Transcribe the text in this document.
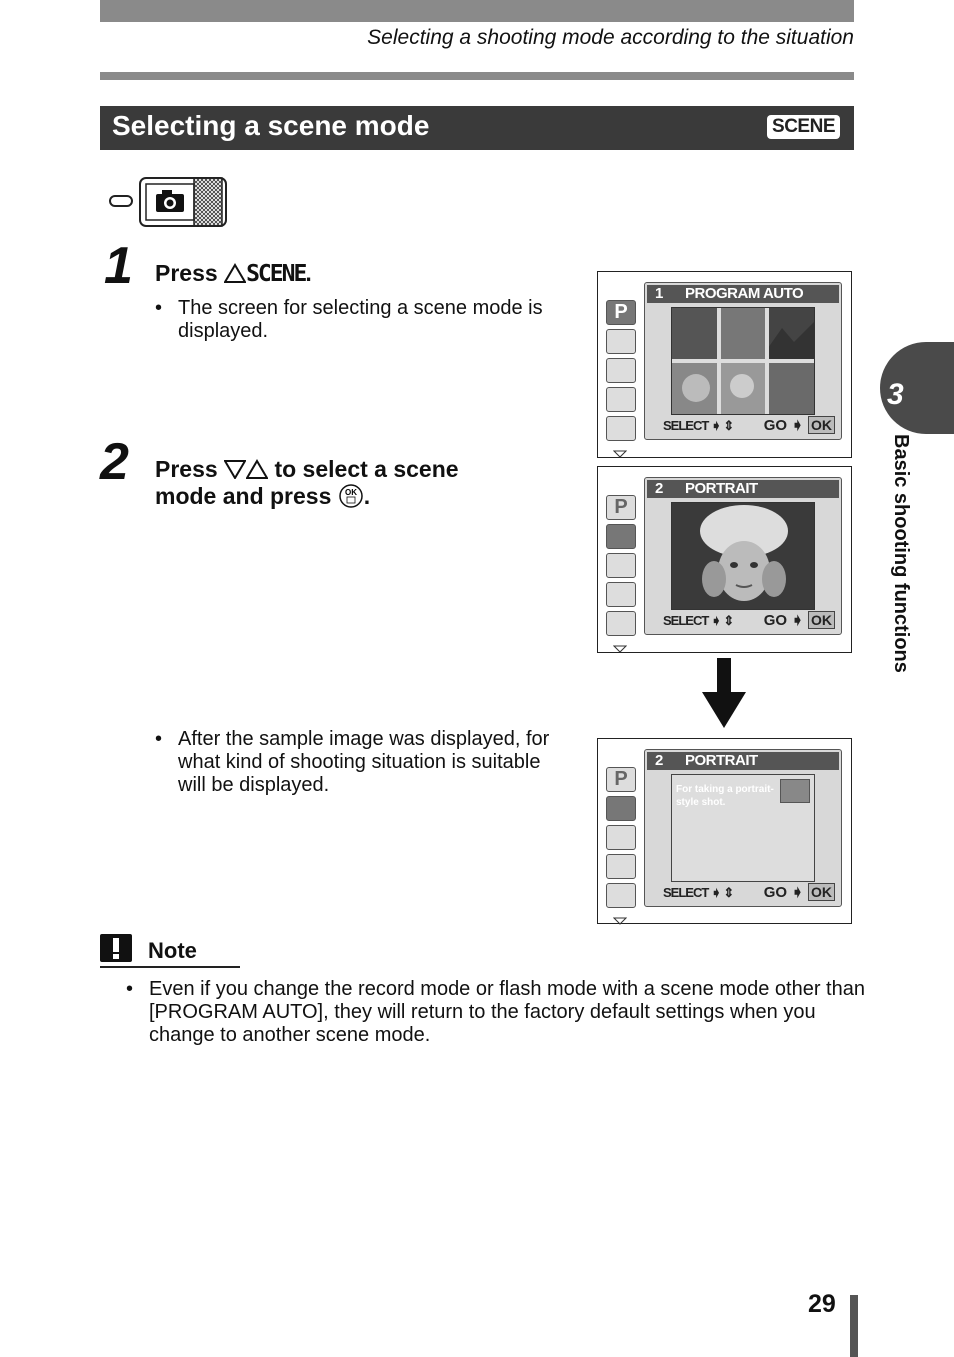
Selecting a shooting mode according to the situation
Selecting a scene mode	SCENE
1 Press SCENE.
• The screen for selecting a scene mode is displayed.
2 Press to select a scene
mode and press OK .
• After the sample image was displayed, for what kind of shooting situation is suitable will be displayed.
P
1 PROGRAM AUTO
SELECT ➧ ⇕ GO ➧ OK
P
2 PORTRAIT
SELECT ➧ ⇕ GO ➧ OK
P
2 PORTRAIT
For taking a portrait-style shot.
SELECT ➧ ⇕ GO ➧ OK
3
Basic shooting functions
Note
• Even if you change the record mode or flash mode with a scene mode other than [PROGRAM AUTO], they will return to the factory default settings when you change to another scene mode.
29
